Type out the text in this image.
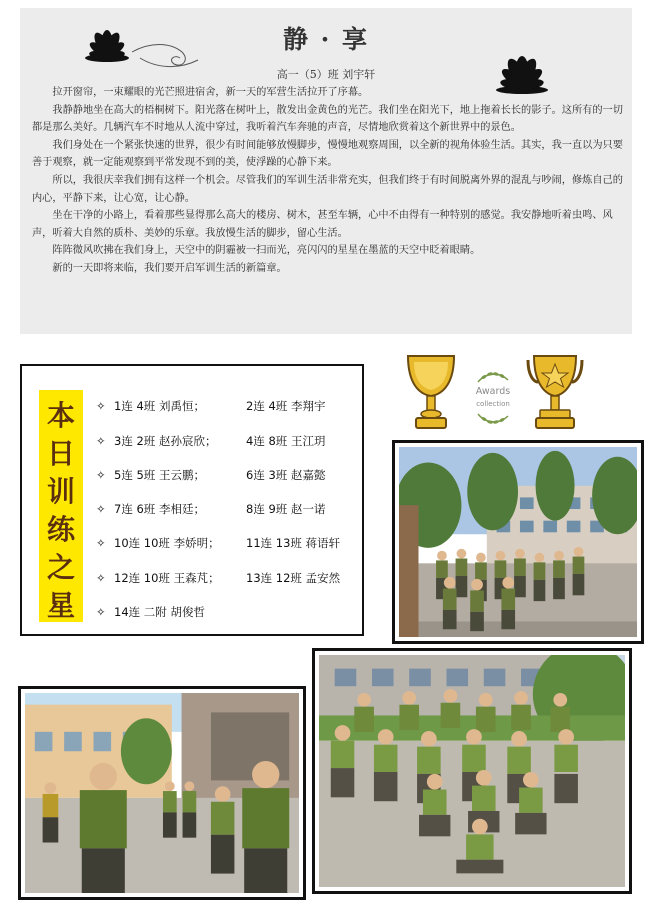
静 · 享
高一（5）班 刘宇轩

拉开窗帘，一束耀眼的光芒照进宿舍，新一天的军营生活拉开了序幕。

我静静地坐在高大的梧桐树下。阳光落在树叶上，散发出金黄色的光芒。我们坐在阳光下，地上拖着长长的影子。这所有的一切都是那么美好。几辆汽车不时地从人流中穿过，我听着汽车奔驰的声音，尽情地欣赏着这个新世界中的景色。

我们身处在一个紧张快速的世界，很少有时间能够放慢脚步，慢慢地观察周围，以全新的视角体验生活。其实，我一直以为只要善于观察，就一定能观察到平常发现不到的美，使浮躁的心静下来。

所以，我很庆幸我们拥有这样一个机会。尽管我们的军训生活非常充实，但我们终于有时间脱离外界的混乱与吵闹，修炼自己的内心，平静下来，让心宽，让心静。

坐在干净的小路上，看着那些显得那么高大的楼房、树木，甚至车辆，心中不由得有一种特别的感觉。我安静地听着虫鸣、风声，听着大自然的质朴、美妙的乐章。我放慢生活的脚步，留心生活。

阵阵微风吹拂在我们身上，天空中的阴霾被一扫而光，亮闪闪的星星在墨蓝的天空中眨着眼睛。

新的一天即将来临，我们要开启军训生活的新篇章。

本
日
训
练
之
星
✧ 1连 4班 刘禹恒；	2连 4班 李翔宇
✧ 3连 2班 赵孙宸欣；	4连 8班 王江玥
✧ 5连 5班 王云鹏；	6连 3班 赵嘉懿
✧ 7连 6班 李相廷；	8连 9班 赵一诺
✧ 10连 10班 李娇明； 11连 13班 蒋语轩
✧ 12连 10班 王森芃； 13连 12班 孟安然
✧ 14连 二附 胡俊哲
Awards
collection
